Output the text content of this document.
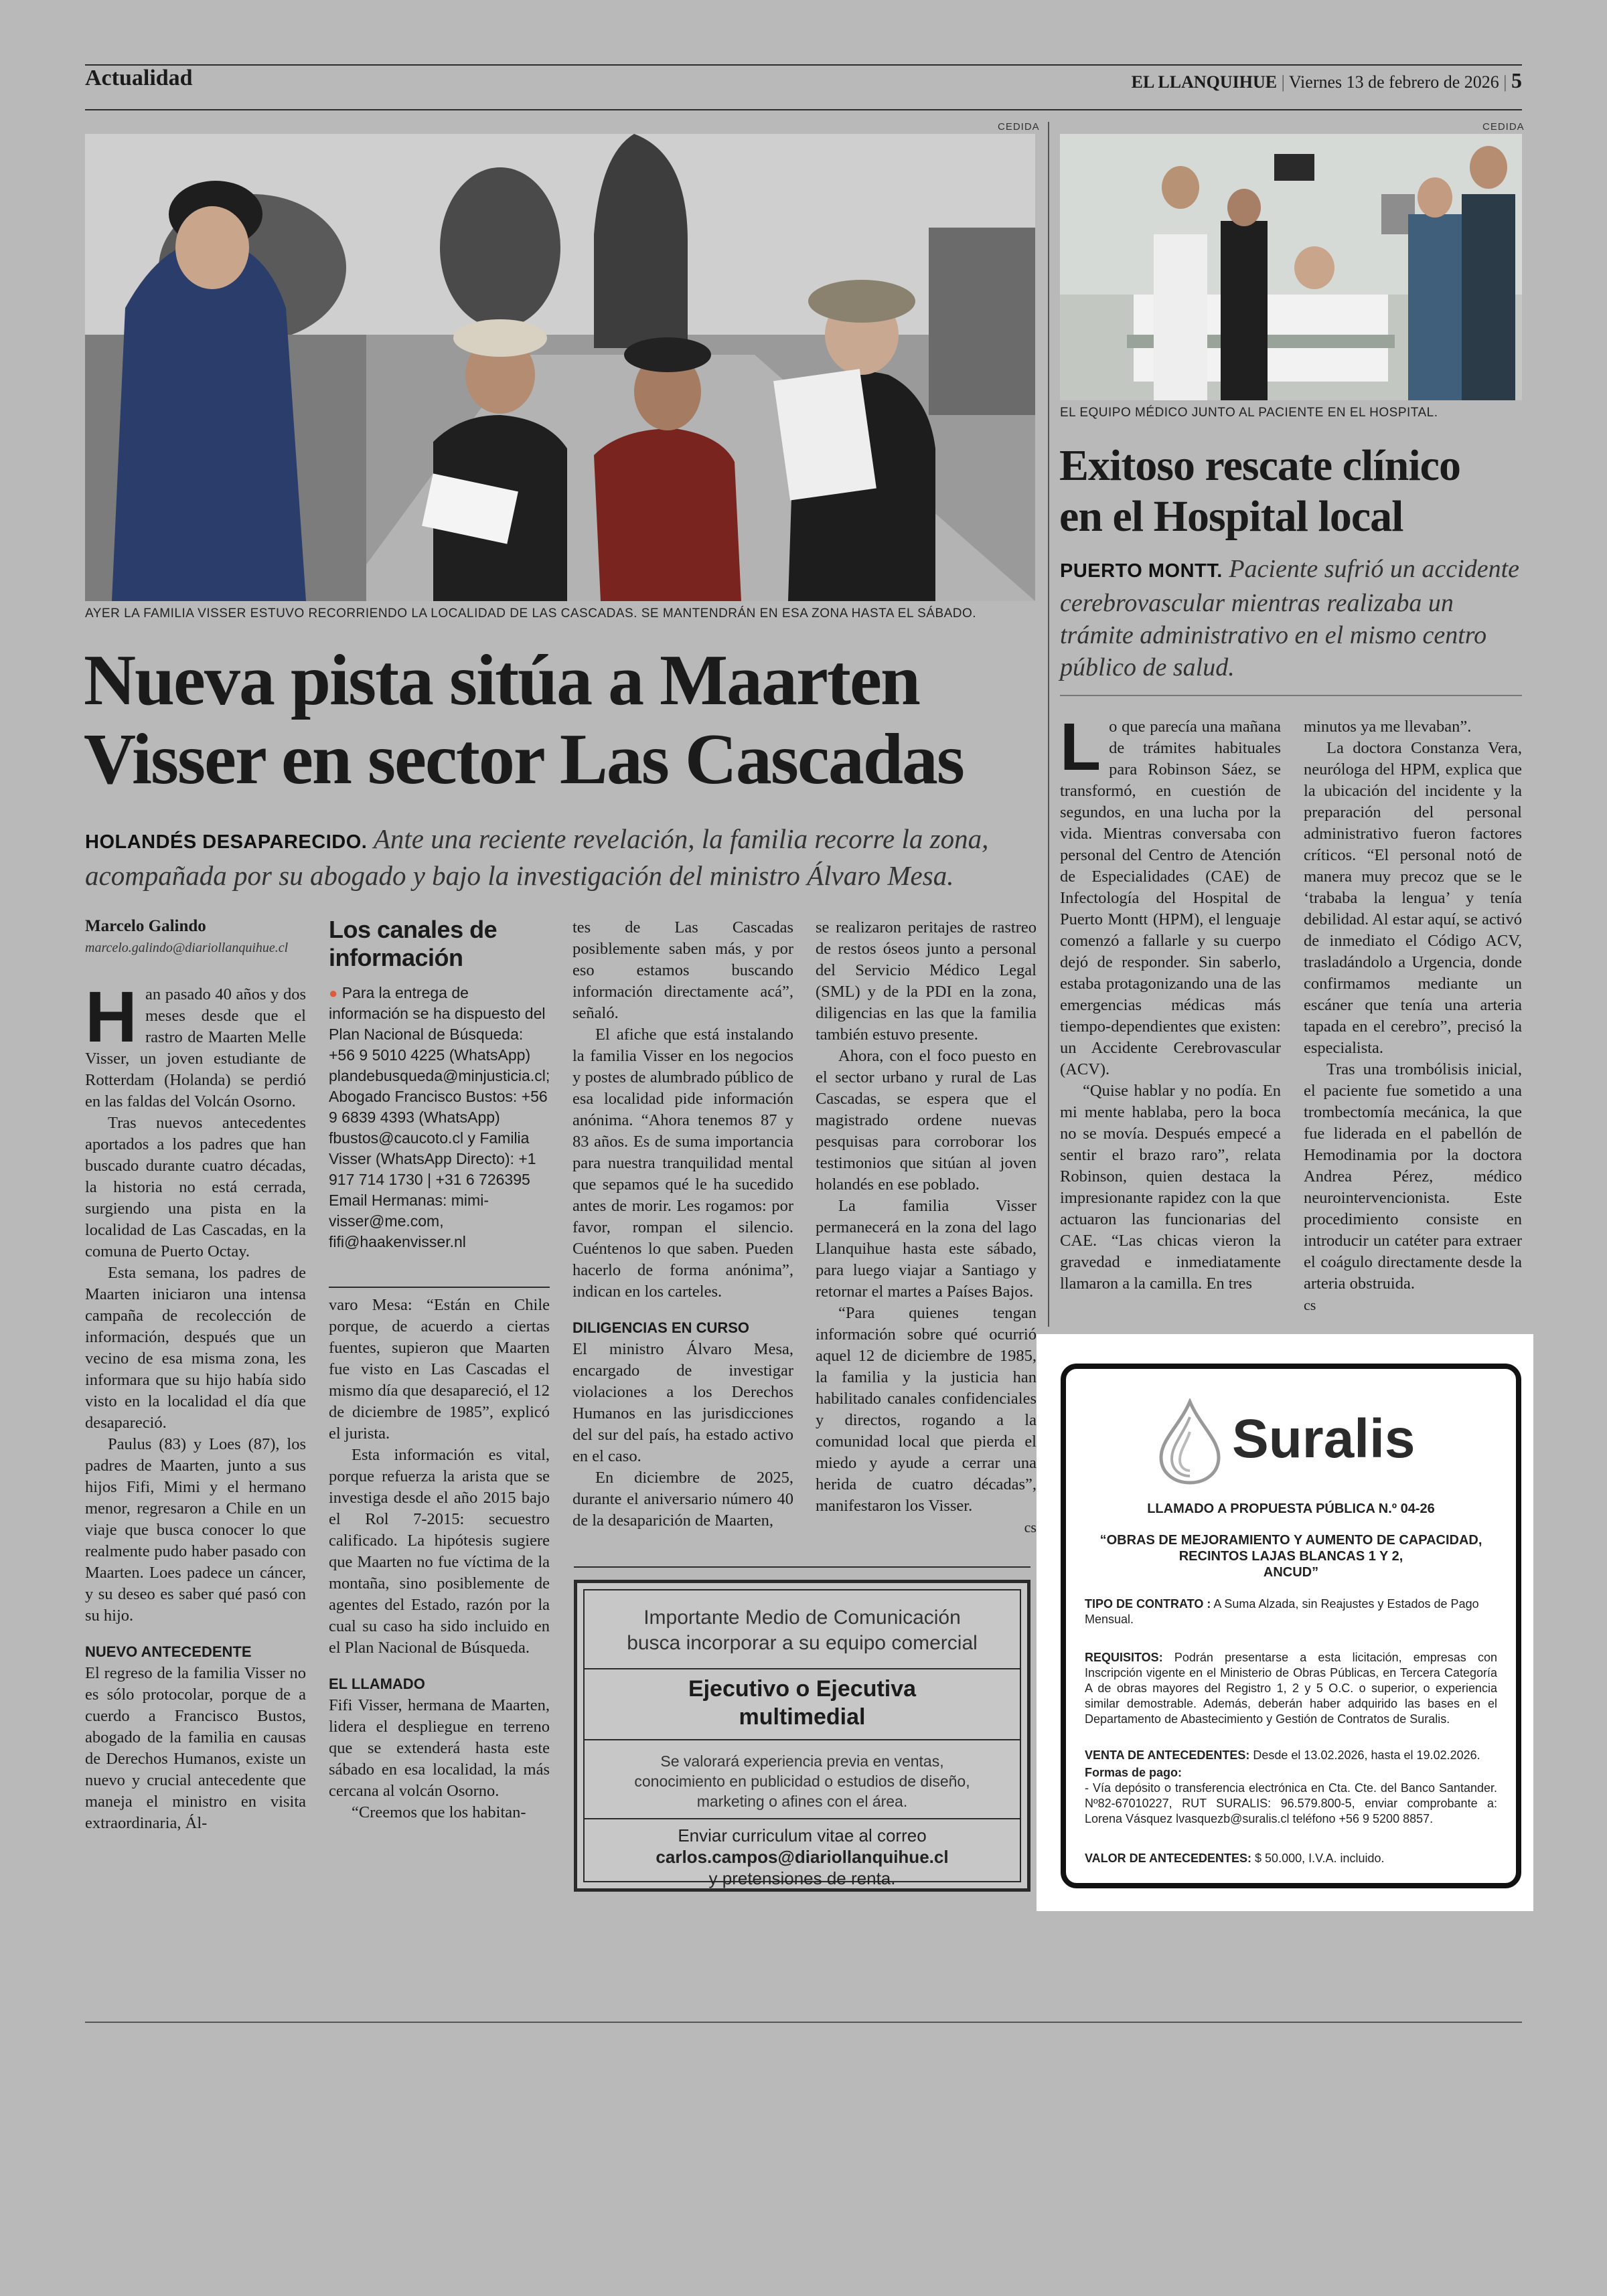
Actualidad	EL LLANQUIHUE | Viernes 13 de febrero de 2026 | 5
CEDIDA
AYER LA FAMILIA VISSER ESTUVO RECORRIENDO LA LOCALIDAD DE LAS CASCADAS. SE MANTENDRÁN EN ESA ZONA HASTA EL SÁBADO.
Nueva pista sitúa a Maarten
Visser en sector Las Cascadas
HOLANDÉS DESAPARECIDO. Ante una reciente revelación, la familia recorre la zona, acompañada por su abogado y bajo la investigación del ministro Álvaro Mesa.
Marcelo Galindo
marcelo.galindo@diariollanquihue.cl

Han pasado 40 años y dos meses desde que el rastro de Maarten Melle Visser, un joven estudiante de Rotterdam (Holanda) se perdió en las faldas del Volcán Osorno.

Tras nuevos antecedentes aportados a los padres que han buscado durante cuatro décadas, la historia no está cerrada, surgiendo una pista en la localidad de Las Cascadas, en la comuna de Puerto Octay.

Esta semana, los padres de Maarten iniciaron una intensa campaña de recolección de información, después que un vecino de esa misma zona, les informara que su hijo había sido visto en la localidad el día que desapareció.

Paulus (83) y Loes (87), los padres de Maarten, junto a sus hijos Fifi, Mimi y el hermano menor, regresaron a Chile en un viaje que busca conocer lo que realmente pudo haber pasado con Maarten. Loes padece un cáncer, y su deseo es saber qué pasó con su hijo.

NUEVO ANTECEDENTE

El regreso de la familia Visser no es sólo protocolar, porque de a cuerdo a Francisco Bustos, abogado de la familia en causas de Derechos Humanos, existe un nuevo y crucial antecedente que maneja el ministro en visita extraordinaria, Ál-

Los canales de información
● Para la entrega de información se ha dispuesto del Plan Nacional de Búsqueda: +56 9 5010 4225 (WhatsApp) plandebusqueda@minjusticia.cl; Abogado Francisco Bustos: +56 9 6839 4393 (WhatsApp) fbustos@caucoto.cl y Familia Visser (WhatsApp Directo): +1 917 714 1730 | +31 6 726395 Email Hermanas: mimi-visser@me.com, fifi@haakenvisser.nl

varo Mesa: “Están en Chile porque, de acuerdo a ciertas fuentes, supieron que Maarten fue visto en Las Cascadas el mismo día que desapareció, el 12 de diciembre de 1985”, explicó el jurista.

Esta información es vital, porque refuerza la arista que se investiga desde el año 2015 bajo el Rol 7-2015: secuestro calificado. La hipótesis sugiere que Maarten no fue víctima de la montaña, sino posiblemente de agentes del Estado, razón por la cual su caso ha sido incluido en el Plan Nacional de Búsqueda.

EL LLAMADO

Fifi Visser, hermana de Maarten, lidera el despliegue en terreno que se extenderá hasta este sábado en esa localidad, la más cercana al volcán Osorno.

“Creemos que los habitan-

tes de Las Cascadas posiblemente saben más, y por eso estamos buscando información directamente acá”, señaló.

El afiche que está instalando la familia Visser en los negocios y postes de alumbrado público de esa localidad pide información anónima. “Ahora tenemos 87 y 83 años. Es de suma importancia para nuestra tranquilidad mental que sepamos qué le ha sucedido antes de morir. Les rogamos: por favor, rompan el silencio. Cuéntenos lo que saben. Pueden hacerlo de forma anónima”, indican en los carteles.

DILIGENCIAS EN CURSO

El ministro Álvaro Mesa, encargado de investigar violaciones a los Derechos Humanos en las jurisdicciones del sur del país, ha estado activo en el caso.

En diciembre de 2025, durante el aniversario número 40 de la desaparición de Maarten,

se realizaron peritajes de rastreo de restos óseos junto a personal del Servicio Médico Legal (SML) y de la PDI en la zona, diligencias en las que la familia también estuvo presente.

Ahora, con el foco puesto en el sector urbano y rural de Las Cascadas, se espera que el magistrado ordene nuevas pesquisas para corroborar los testimonios que sitúan al joven holandés en ese poblado.

La familia Visser permanecerá en la zona del lago Llanquihue hasta este sábado, para luego viajar a Santiago y retornar el martes a Países Bajos.

“Para quienes tengan información sobre qué ocurrió aquel 12 de diciembre de 1985, la familia y la justicia han habilitado canales confidenciales y directos, rogando a la comunidad local que pierda el miedo y ayude a cerrar una herida de cuatro décadas”, manifestaron los Visser.

cs
Importante Medio de Comunicación
busca incorporar a su equipo comercial
Ejecutivo o Ejecutiva
multimedial
Se valorará experiencia previa en ventas,
conocimiento en publicidad o estudios de diseño,
marketing o afines con el área.
Enviar curriculum vitae al correo
carlos.campos@diariollanquihue.cl
y pretensiones de renta.
CEDIDA
EL EQUIPO MÉDICO JUNTO AL PACIENTE EN EL HOSPITAL.
Exitoso rescate clínico
en el Hospital local
PUERTO MONTT. Paciente sufrió un accidente cerebrovascular mientras realizaba un trámite administrativo en el mismo centro público de salud.

Lo que parecía una mañana de trámites habituales para Robinson Sáez, se transformó, en cuestión de segundos, en una lucha por la vida. Mientras conversaba con personal del Centro de Atención de Especialidades (CAE) de Infectología del Hospital de Puerto Montt (HPM), el lenguaje comenzó a fallarle y su cuerpo dejó de responder. Sin saberlo, estaba protagonizando una de las emergencias médicas más tiempo-dependientes que existen: un Accidente Cerebrovascular (ACV).

“Quise hablar y no podía. En mi mente hablaba, pero la boca no se movía. Después empecé a sentir el brazo raro”, relata Robinson, quien destaca la impresionante rapidez con la que actuaron las funcionarias del CAE. “Las chicas vieron la gravedad e inmediatamente llamaron a la camilla. En tres

minutos ya me llevaban”.

La doctora Constanza Vera, neuróloga del HPM, explica que la ubicación del incidente y la preparación del personal administrativo fueron factores críticos. “El personal notó de manera muy precoz que se le ‘trababa la lengua’ y tenía debilidad. Al estar aquí, se activó de inmediato el Código ACV, trasladándolo a Urgencia, donde confirmamos mediante un escáner que tenía una arteria tapada en el cerebro”, precisó la especialista.

Tras una trombólisis inicial, el paciente fue sometido a una trombectomía mecánica, la que fue liderada en el pabellón de Hemodinamia por la doctora Andrea Pérez, médico neurointervencionista. Este procedimiento consiste en introducir un catéter para extraer el coágulo directamente desde la arteria obstruida.

cs
Suralis
LLAMADO A PROPUESTA PÚBLICA N.º 04-26
“OBRAS DE MEJORAMIENTO Y AUMENTO DE CAPACIDAD,
RECINTOS LAJAS BLANCAS 1 Y 2,
ANCUD”
TIPO DE CONTRATO : A Suma Alzada, sin Reajustes y Estados de Pago Mensual.
REQUISITOS: Podrán presentarse a esta licitación, empresas con Inscripción vigente en el Ministerio de Obras Públicas, en Tercera Categoría A de obras mayores del Registro 1, 2 y 5 O.C. o superior, o experiencia similar demostrable. Además, deberán haber adquirido las bases en el Departamento de Abastecimiento y Gestión de Contratos de Suralis.
VENTA DE ANTECEDENTES: Desde el 13.02.2026, hasta el 19.02.2026.
Formas de pago:
- Vía depósito o transferencia electrónica en Cta. Cte. del Banco Santander. Nº82-67010227, RUT SURALIS: 96.579.800-5, enviar comprobante a: Lorena Vásquez lvasquezb@suralis.cl teléfono +56 9 5200 8857.
VALOR DE ANTECEDENTES: $ 50.000, I.V.A. incluido.
